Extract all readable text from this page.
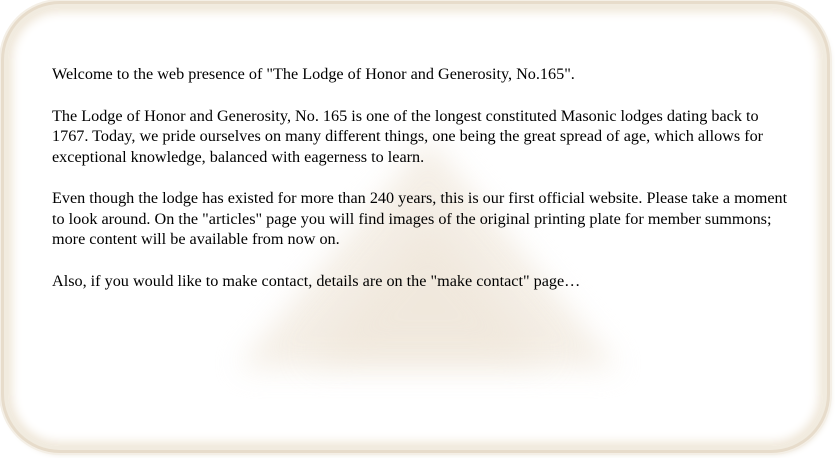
Welcome to the web presence of "The Lodge of Honor and Generosity, No.165".

The Lodge of Honor and Generosity, No. 165 is one of the longest constituted Masonic lodges dating back to 1767. Today, we pride ourselves on many different things, one being the great spread of age, which allows for exceptional knowledge, balanced with eagerness to learn.

Even though the lodge has existed for more than 240 years, this is our first official website. Please take a moment to look around. On the "articles" page you will find images of the original printing plate for member summons; more content will be available from now on.

Also, if you would like to make contact, details are on the "make contact" page…
